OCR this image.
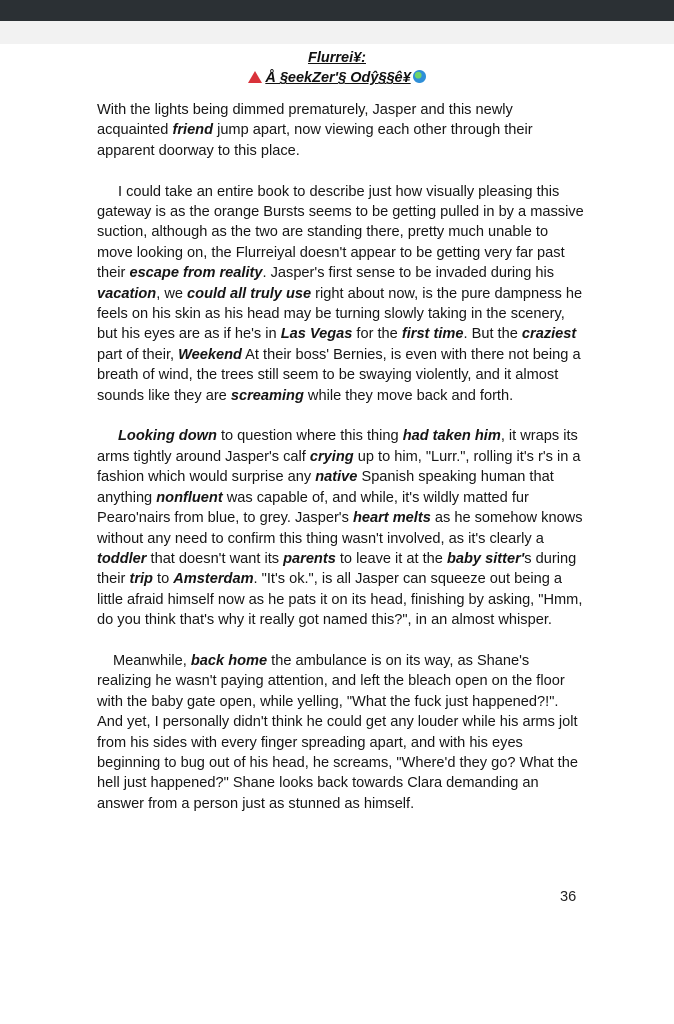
Flurrei¥:
Å §eekZer'§ Odŷ§§ê¥

With the lights being dimmed prematurely, Jasper and this newly acquainted friend jump apart, now viewing each other through their apparent doorway to this place.

I could take an entire book to describe just how visually pleasing this gateway is as the orange Bursts seems to be getting pulled in by a massive suction, although as the two are standing there, pretty much unable to move looking on, the Flurreiyal doesn't appear to be getting very far past their escape from reality. Jasper's first sense to be invaded during his vacation, we could all truly use right about now, is the pure dampness he feels on his skin as his head may be turning slowly taking in the scenery, but his eyes are as if he's in Las Vegas for the first time. But the craziest part of their, Weekend At their boss' Bernies, is even with there not being a breath of wind, the trees still seem to be swaying violently, and it almost sounds like they are screaming while they move back and forth.

Looking down to question where this thing had taken him, it wraps its arms tightly around Jasper's calf crying up to him, "Lurr.", rolling it's r's in a fashion which would surprise any native Spanish speaking human that anything nonfluent was capable of, and while, it's wildly matted fur Pearo'nairs from blue, to grey. Jasper's heart melts as he somehow knows without any need to confirm this thing wasn't involved, as it's clearly a toddler that doesn't want its parents to leave it at the baby sitter's during their trip to Amsterdam. "It's ok.", is all Jasper can squeeze out being a little afraid himself now as he pats it on its head, finishing by asking, "Hmm, do you think that's why it really got named this?", in an almost whisper.

Meanwhile, back home the ambulance is on its way, as Shane's realizing he wasn't paying attention, and left the bleach open on the floor with the baby gate open, while yelling, "What the fuck just happened?!". And yet, I personally didn't think he could get any louder while his arms jolt from his sides with every finger spreading apart, and with his eyes beginning to bug out of his head, he screams, "Where'd they go? What the hell just happened?" Shane looks back towards Clara demanding an answer from a person just as stunned as himself.

36
